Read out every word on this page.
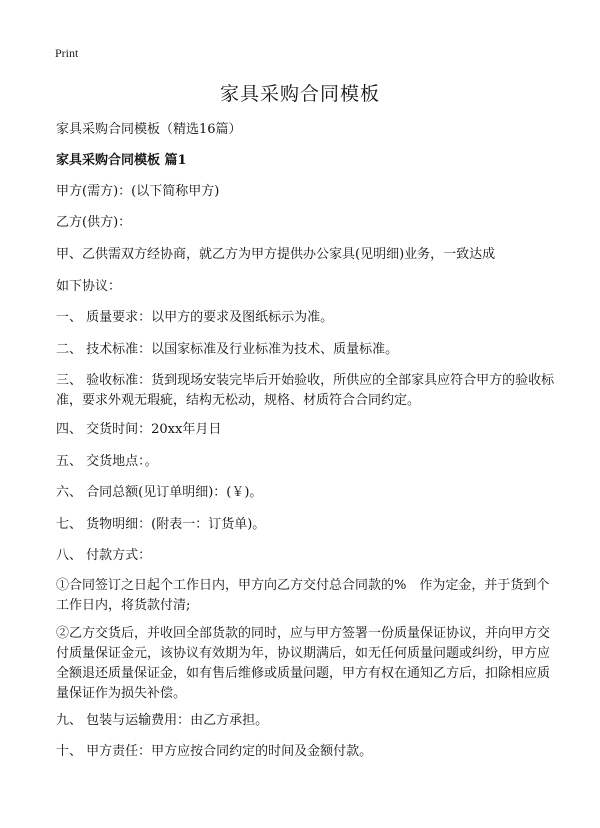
Print
家具采购合同模板

家具采购合同模板（精选16篇）

家具采购合同模板 篇1

甲方(需方)：(以下简称甲方)

乙方(供方)：

甲、乙供需双方经协商，就乙方为甲方提供办公家具(见明细)业务，一致达成

如下协议：

一、 质量要求：以甲方的要求及图纸标示为准。

二、 技术标准：以国家标准及行业标准为技术、质量标准。

三、 验收标准：货到现场安装完毕后开始验收，所供应的全部家具应符合甲方的验收标准，要求外观无瑕疵，结构无松动，规格、材质符合合同约定。

四、 交货时间：20xx年月日

五、 交货地点：。

六、 合同总额(见订单明细)：(￥)。

七、 货物明细：(附表一：订货单)。

八、 付款方式：

①合同签订之日起个工作日内，甲方向乙方交付总合同款的%　作为定金，并于货到个工作日内，将货款付清;

②乙方交货后，并收回全部货款的同时，应与甲方签署一份质量保证协议，并向甲方交付质量保证金元，该协议有效期为年，协议期满后，如无任何质量问题或纠纷，甲方应全额退还质量保证金，如有售后维修或质量问题，甲方有权在通知乙方后，扣除相应质量保证作为损失补偿。

九、 包装与运输费用：由乙方承担。

十、 甲方责任：甲方应按合同约定的时间及金额付款。
